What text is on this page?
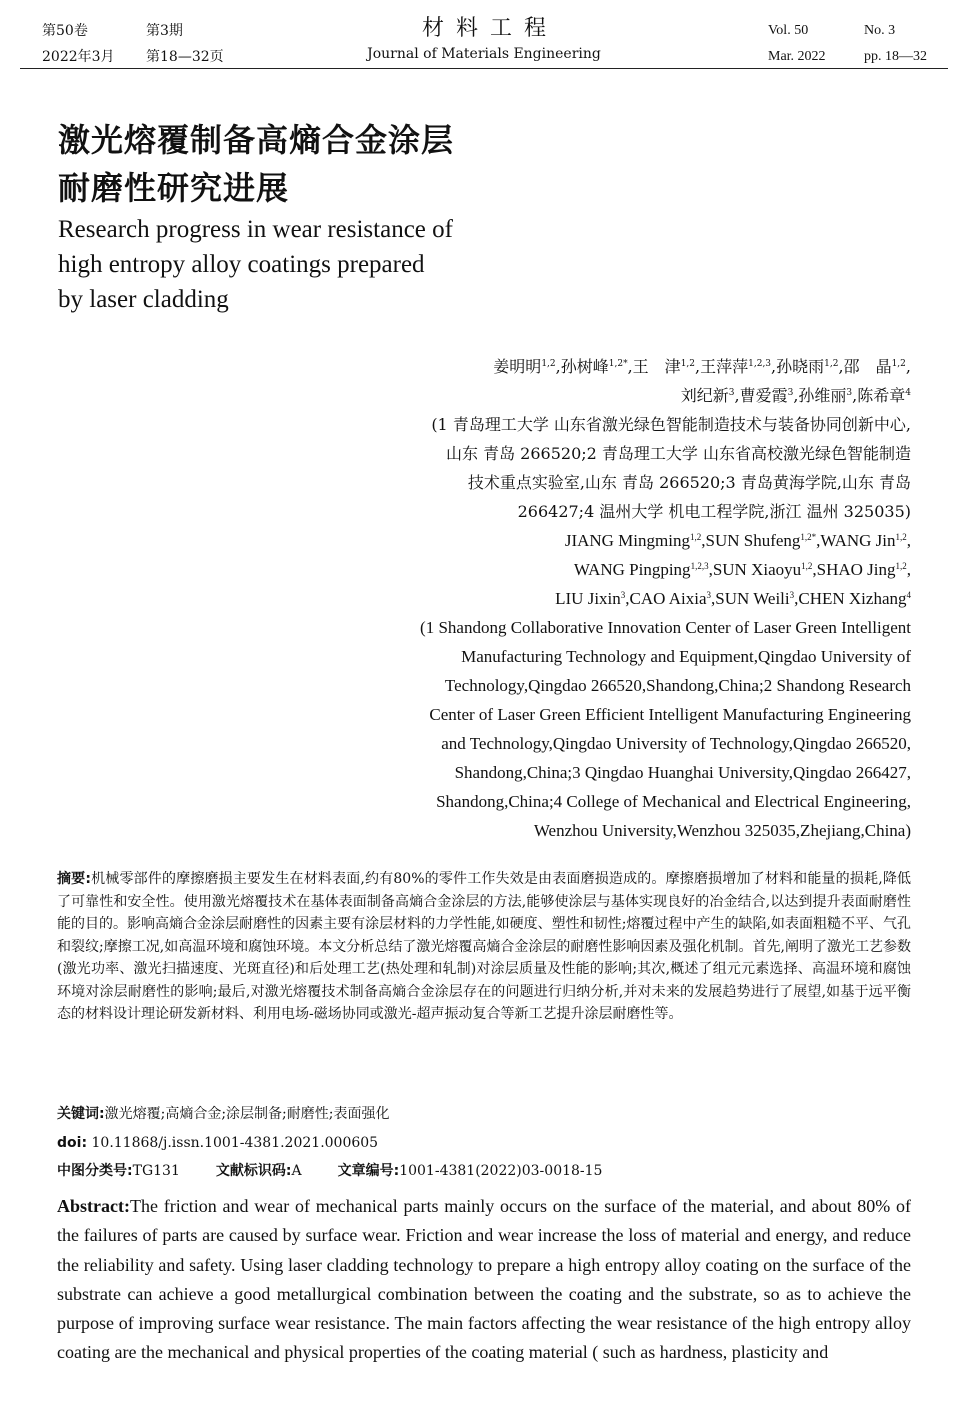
第50卷	第3期
2022年3月 第18—32页
材料工程
Journal of Materials Engineering
Vol. 50	No. 3
Mar. 2022	pp. 18—32
激光熔覆制备高熵合金涂层
耐磨性研究进展
Research progress in wear resistance of
high entropy alloy coatings prepared
by laser cladding
姜明明$^{1,2}$,孙树峰$^{1,2*}$,王　津$^{1,2}$,王萍萍$^{1,2,3}$,孙晓雨$^{1,2}$,邵　晶$^{1,2}$,
刘纪新$^3$,曹爱霞$^3$,孙维丽$^3$,陈希章$^4$
(1 青岛理工大学 山东省激光绿色智能制造技术与装备协同创新中心,
山东 青岛 266520;2 青岛理工大学 山东省高校激光绿色智能制造
技术重点实验室,山东 青岛 266520;3 青岛黄海学院,山东 青岛
266427;4 温州大学 机电工程学院,浙江 温州 325035)
JIANG Mingming$^{1,2}$,SUN Shufeng$^{1,2*}$,WANG Jin$^{1,2}$,
WANG Pingping$^{1,2,3}$,SUN Xiaoyu$^{1,2}$,SHAO Jing$^{1,2}$,
LIU Jixin$^3$,CAO Aixia$^3$,SUN Weili$^3$,CHEN Xizhang$^4$
(1 Shandong Collaborative Innovation Center of Laser Green Intelligent
Manufacturing Technology and Equipment,Qingdao University of
Technology,Qingdao 266520,Shandong,China;2 Shandong Research
Center of Laser Green Efficient Intelligent Manufacturing Engineering
and Technology,Qingdao University of Technology,Qingdao 266520,
Shandong,China;3 Qingdao Huanghai University,Qingdao 266427,
Shandong,China;4 College of Mechanical and Electrical Engineering,
Wenzhou University,Wenzhou 325035,Zhejiang,China)
摘要:机械零部件的摩擦磨损主要发生在材料表面,约有80%的零件工作失效是由表面磨损造成的。摩擦磨损增加了材料和能量的损耗,降低了可靠性和安全性。使用激光熔覆技术在基体表面制备高熵合金涂层的方法,能够使涂层与基体实现良好的冶金结合,以达到提升表面耐磨性能的目的。影响高熵合金涂层耐磨性的因素主要有涂层材料的力学性能,如硬度、塑性和韧性;熔覆过程中产生的缺陷,如表面粗糙不平、气孔和裂纹;摩擦工况,如高温环境和腐蚀环境。本文分析总结了激光熔覆高熵合金涂层的耐磨性影响因素及强化机制。首先,阐明了激光工艺参数(激光功率、激光扫描速度、光斑直径)和后处理工艺(热处理和轧制)对涂层质量及性能的影响;其次,概述了组元元素选择、高温环境和腐蚀环境对涂层耐磨性的影响;最后,对激光熔覆技术制备高熵合金涂层存在的问题进行归纳分析,并对未来的发展趋势进行了展望,如基于远平衡态的材料设计理论研发新材料、利用电场-磁场协同或激光-超声振动复合等新工艺提升涂层耐磨性等。
关键词:激光熔覆;高熵合金;涂层制备;耐磨性;表面强化
doi: 10.11868/j.issn.1001-4381.2021.000605
中图分类号:TG131	文献标识码:A	文章编号:1001-4381(2022)03-0018-15
Abstract:The friction and wear of mechanical parts mainly occurs on the surface of the material, and about 80% of the failures of parts are caused by surface wear. Friction and wear increase the loss of material and energy, and reduce the reliability and safety. Using laser cladding technology to prepare a high entropy alloy coating on the surface of the substrate can achieve a good metallurgical combination between the coating and the substrate, so as to achieve the purpose of improving surface wear resistance. The main factors affecting the wear resistance of the high entropy alloy coating are the mechanical and physical properties of the coating material ( such as hardness, plasticity and
